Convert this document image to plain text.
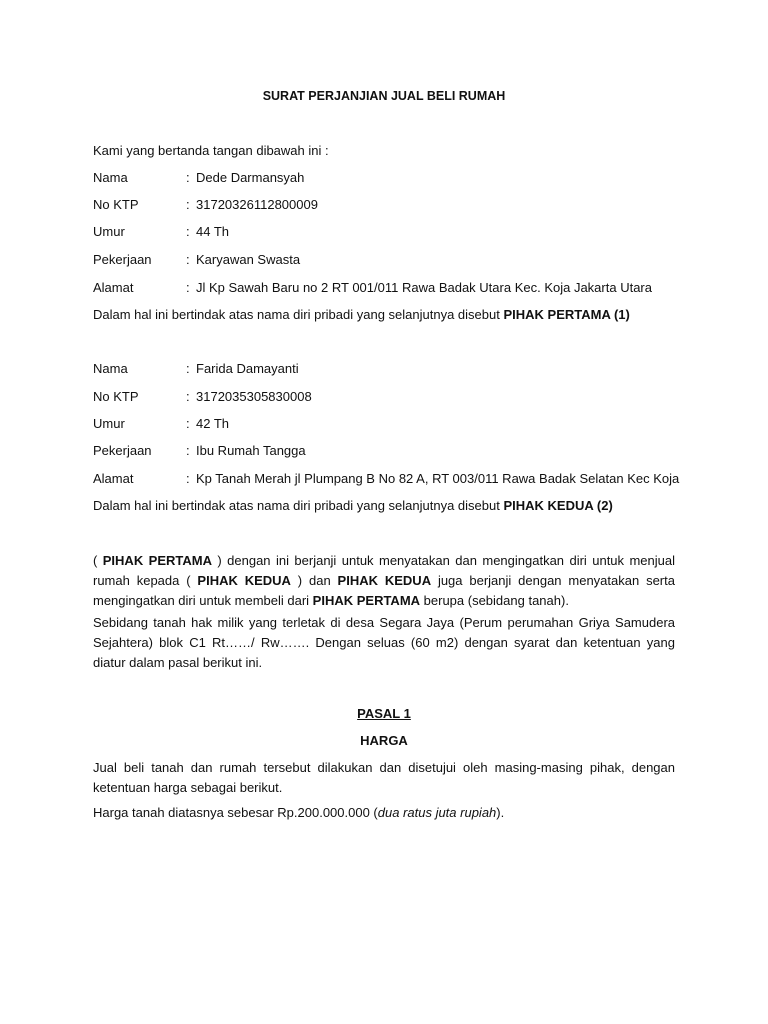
SURAT PERJANJIAN JUAL BELI RUMAH
Kami yang bertanda tangan dibawah ini :
Nama	: Dede Darmansyah
No KTP	: 31720326112800009
Umur	: 44 Th
Pekerjaan	: Karyawan Swasta
Alamat	: Jl Kp Sawah Baru no 2 RT 001/011 Rawa Badak Utara Kec. Koja Jakarta Utara
Dalam hal ini bertindak atas nama diri pribadi yang selanjutnya disebut PIHAK PERTAMA (1)
Nama	: Farida Damayanti
No KTP	: 3172035305830008
Umur	: 42 Th
Pekerjaan	: Ibu Rumah Tangga
Alamat	: Kp Tanah Merah jl Plumpang B No 82 A, RT 003/011 Rawa Badak Selatan Kec Koja
Dalam hal ini bertindak atas nama diri pribadi yang selanjutnya disebut PIHAK KEDUA (2)
( PIHAK PERTAMA ) dengan ini berjanji untuk menyatakan dan mengingatkan diri untuk menjual rumah kepada ( PIHAK KEDUA ) dan PIHAK KEDUA juga berjanji dengan menyatakan serta mengingatkan diri untuk membeli dari PIHAK PERTAMA berupa (sebidang tanah).
Sebidang tanah hak milik yang terletak di desa Segara Jaya (Perum perumahan Griya Samudera Sejahtera) blok C1 Rt……/ Rw……. Dengan seluas (60 m2) dengan syarat dan ketentuan yang diatur dalam pasal berikut ini.
PASAL 1
HARGA
Jual beli tanah dan rumah tersebut dilakukan dan disetujui oleh masing-masing pihak, dengan ketentuan harga sebagai berikut.
Harga tanah diatasnya sebesar Rp.200.000.000 (dua ratus juta rupiah).
